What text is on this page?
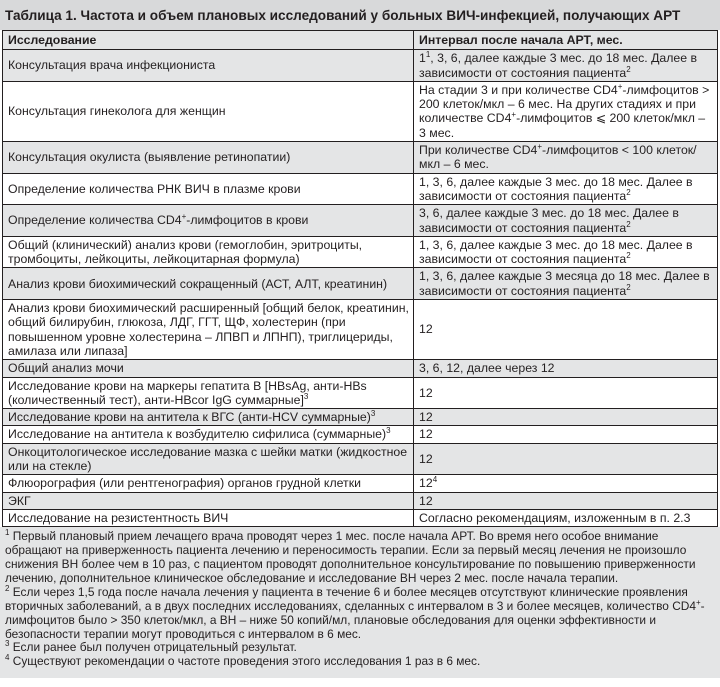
Таблица 1. Частота и объем плановых исследований у больных ВИЧ-инфекцией, получающих АРТ
Исследование	Интервал после начала АРТ, мес.
Консультация врача инфекциониста	$1^1$, 3, 6, далее каждые 3 мес. до 18 мес. Далее в зависимости от состояния пациента$^2$
Консультация гинеколога для женщин	На стадии 3 и при количестве CD4+-лимфоцитов > 200 клеток/мкл – 6 мес. На других стадиях и при количестве CD4+-лимфоцитов ⩽ 200 клеток/мкл – 3 мес.
Консультация окулиста (выявление ретинопатии)	При количестве CD4+-лимфоцитов < 100 клеток/мкл – 6 мес.
Определение количества РНК ВИЧ в плазме крови	1, 3, 6, далее каждые 3 мес. до 18 мес. Далее в зависимости от состояния пациента$^2$
Определение количества CD4+-лимфоцитов в крови	3, 6, далее каждые 3 мес. до 18 мес. Далее в зависимости от состояния пациента$^2$
Общий (клинический) анализ крови (гемоглобин, эритроциты, тромбоциты, лейкоциты, лейкоцитарная формула)	1, 3, 6, далее каждые 3 мес. до 18 мес. Далее в зависимости от состояния пациента$^2$
Анализ крови биохимический сокращенный (АСТ, АЛТ, креатинин)	1, 3, 6, далее каждые 3 месяца до 18 мес. Далее в зависимости от состояния пациента$^2$
Анализ крови биохимический расширенный [общий белок, креатинин, общий билирубин, глюкоза, ЛДГ, ГГТ, ЩФ, холестерин (при повышенном уровне холестерина – ЛПВП и ЛПНП), триглицериды, амилаза или липаза]	12
Общий анализ мочи	3, 6, 12, далее через 12
Исследование крови на маркеры гепатита В [HBsAg, анти-HBs (количественный тест), анти-HBcor IgG суммарные]$^3$	12
Исследование крови на антитела к ВГС (анти-HCV суммарные)$^3$	12
Исследование на антитела к возбудителю сифилиса (суммарные)$^3$	12
Онкоцитологическое исследование мазка с шейки матки (жидкостное или на стекле)	12
Флюорография (или рентгенография) органов грудной клетки	$12^4$
ЭКГ	12
Исследование на резистентность ВИЧ	Согласно рекомендациям, изложенным в п. 2.3

$^1$ Первый плановый прием лечащего врача проводят через 1 мес. после начала АРТ. Во время него особое внимание обращают на приверженность пациента лечению и переносимость терапии. Если за первый месяц лечения не произошло снижения ВН более чем в 10 раз, с пациентом проводят дополнительное консультирование по повышению приверженности лечению, дополнительное клиническое обследование и исследование ВН через 2 мес. после начала терапии.

$^2$ Если через 1,5 года после начала лечения у пациента в течение 6 и более месяцев отсутствуют клинические проявления вторичных заболеваний, а в двух последних исследованиях, сделанных с интервалом в 3 и более месяцев, количество CD4+-лимфоцитов было > 350 клеток/мкл, а ВН – ниже 50 копий/мл, плановые обследования для оценки эффективности и безопасности терапии могут проводиться с интервалом в 6 мес.

$^3$ Если ранее был получен отрицательный результат.

$^4$ Существуют рекомендации о частоте проведения этого исследования 1 раз в 6 мес.
